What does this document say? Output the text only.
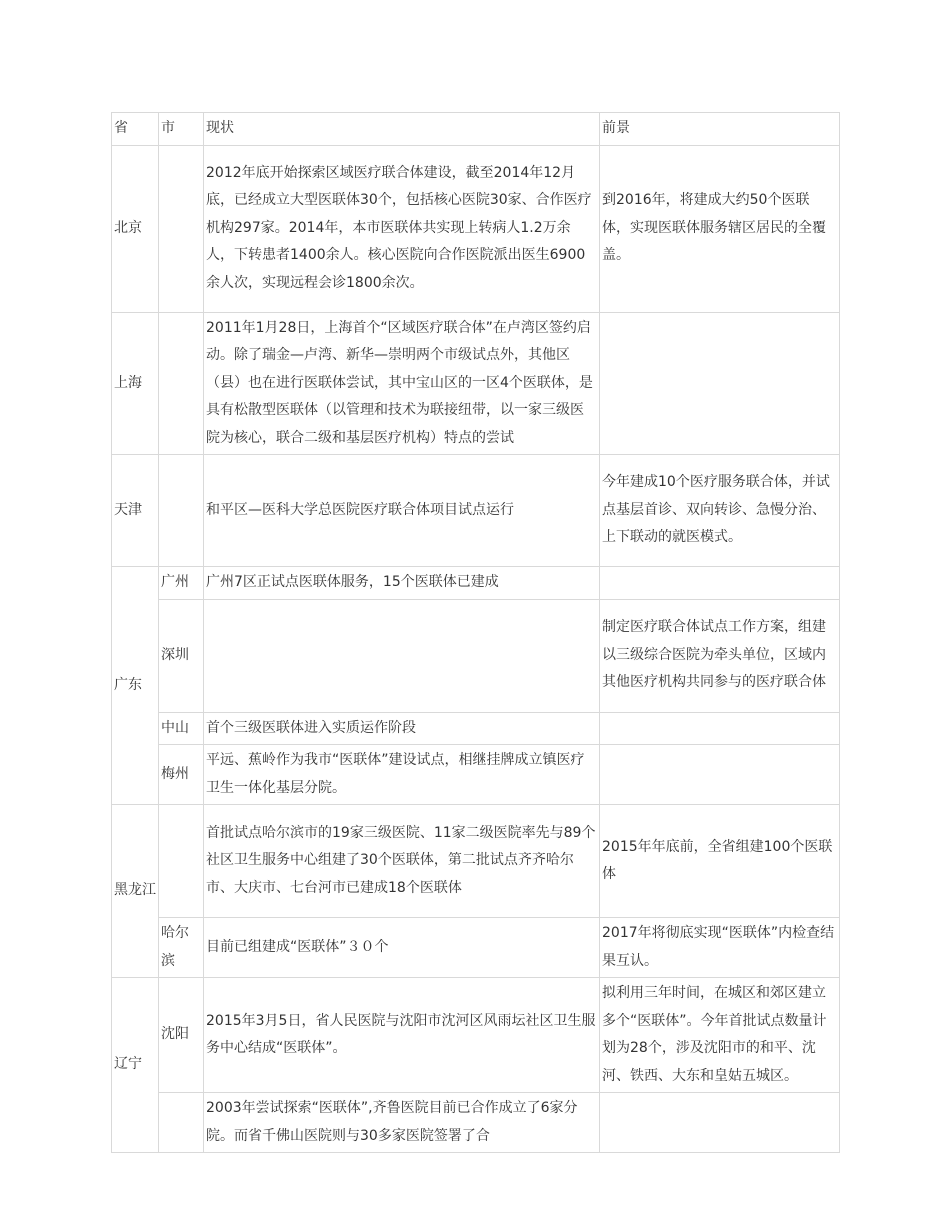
省	市	现状	前景
北京		2012年底开始探索区域医疗联合体建设，截至2014年12月底，已经成立大型医联体30个，包括核心医院30家、合作医疗机构297家。2014年，本市医联体共实现上转病人1.2万余人，下转患者1400余人。核心医院向合作医院派出医生6900余人次，实现远程会诊1800余次。	到2016年，将建成大约50个医联体，实现医联体服务辖区居民的全覆盖。
上海		2011年1月28日，上海首个“区域医疗联合体”在卢湾区签约启动。除了瑞金—卢湾、新华—崇明两个市级试点外，其他区（县）也在进行医联体尝试，其中宝山区的一区4个医联体，是具有松散型医联体（以管理和技术为联接纽带，以一家三级医院为核心，联合二级和基层医疗机构）特点的尝试	
天津		和平区—医科大学总医院医疗联合体项目试点运行	今年建成10个医疗服务联合体，并试点基层首诊、双向转诊、急慢分治、上下联动的就医模式。
广东	广州	广州7区正试点医联体服务，15个医联体已建成	
	深圳		制定医疗联合体试点工作方案，组建以三级综合医院为牵头单位，区域内其他医疗机构共同参与的医疗联合体
	中山	首个三级医联体进入实质运作阶段	
	梅州	平远、蕉岭作为我市“医联体”建设试点，相继挂牌成立镇医疗卫生一体化基层分院。	
黑龙江		首批试点哈尔滨市的19家三级医院、11家二级医院率先与89个社区卫生服务中心组建了30个医联体，第二批试点齐齐哈尔市、大庆市、七台河市已建成18个医联体	2015年年底前，全省组建100个医联体
	哈尔滨	目前已组建成“医联体”３０个	2017年将彻底实现“医联体”内检查结果互认。
辽宁	沈阳	2015年3月5日，省人民医院与沈阳市沈河区风雨坛社区卫生服务中心结成“医联体”。	拟利用三年时间，在城区和郊区建立多个“医联体”。今年首批试点数量计划为28个，涉及沈阳市的和平、沈河、铁西、大东和皇姑五城区。
		2003年尝试探索“医联体”,齐鲁医院目前已合作成立了6家分院。而省千佛山医院则与30多家医院签署了合	
